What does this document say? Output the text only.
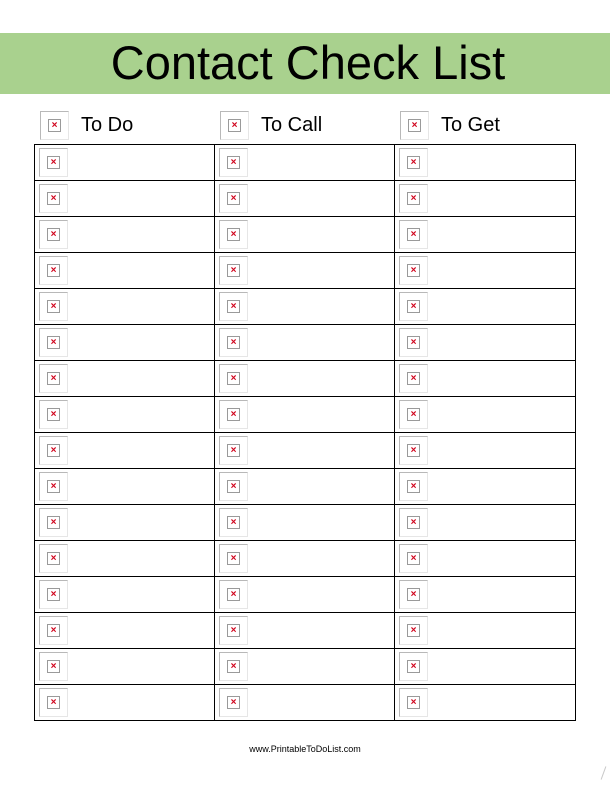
Contact Check List
× To Do	× To Call	× To Get
×	×	×

×	×	×

×	×	×

×	×	×

×	×	×

×	×	×

×	×	×

×	×	×

×	×	×

×	×	×

×	×	×

×	×	×

×	×	×

×	×	×

×	×	×

×	×	×
www.PrintableToDoList.com
